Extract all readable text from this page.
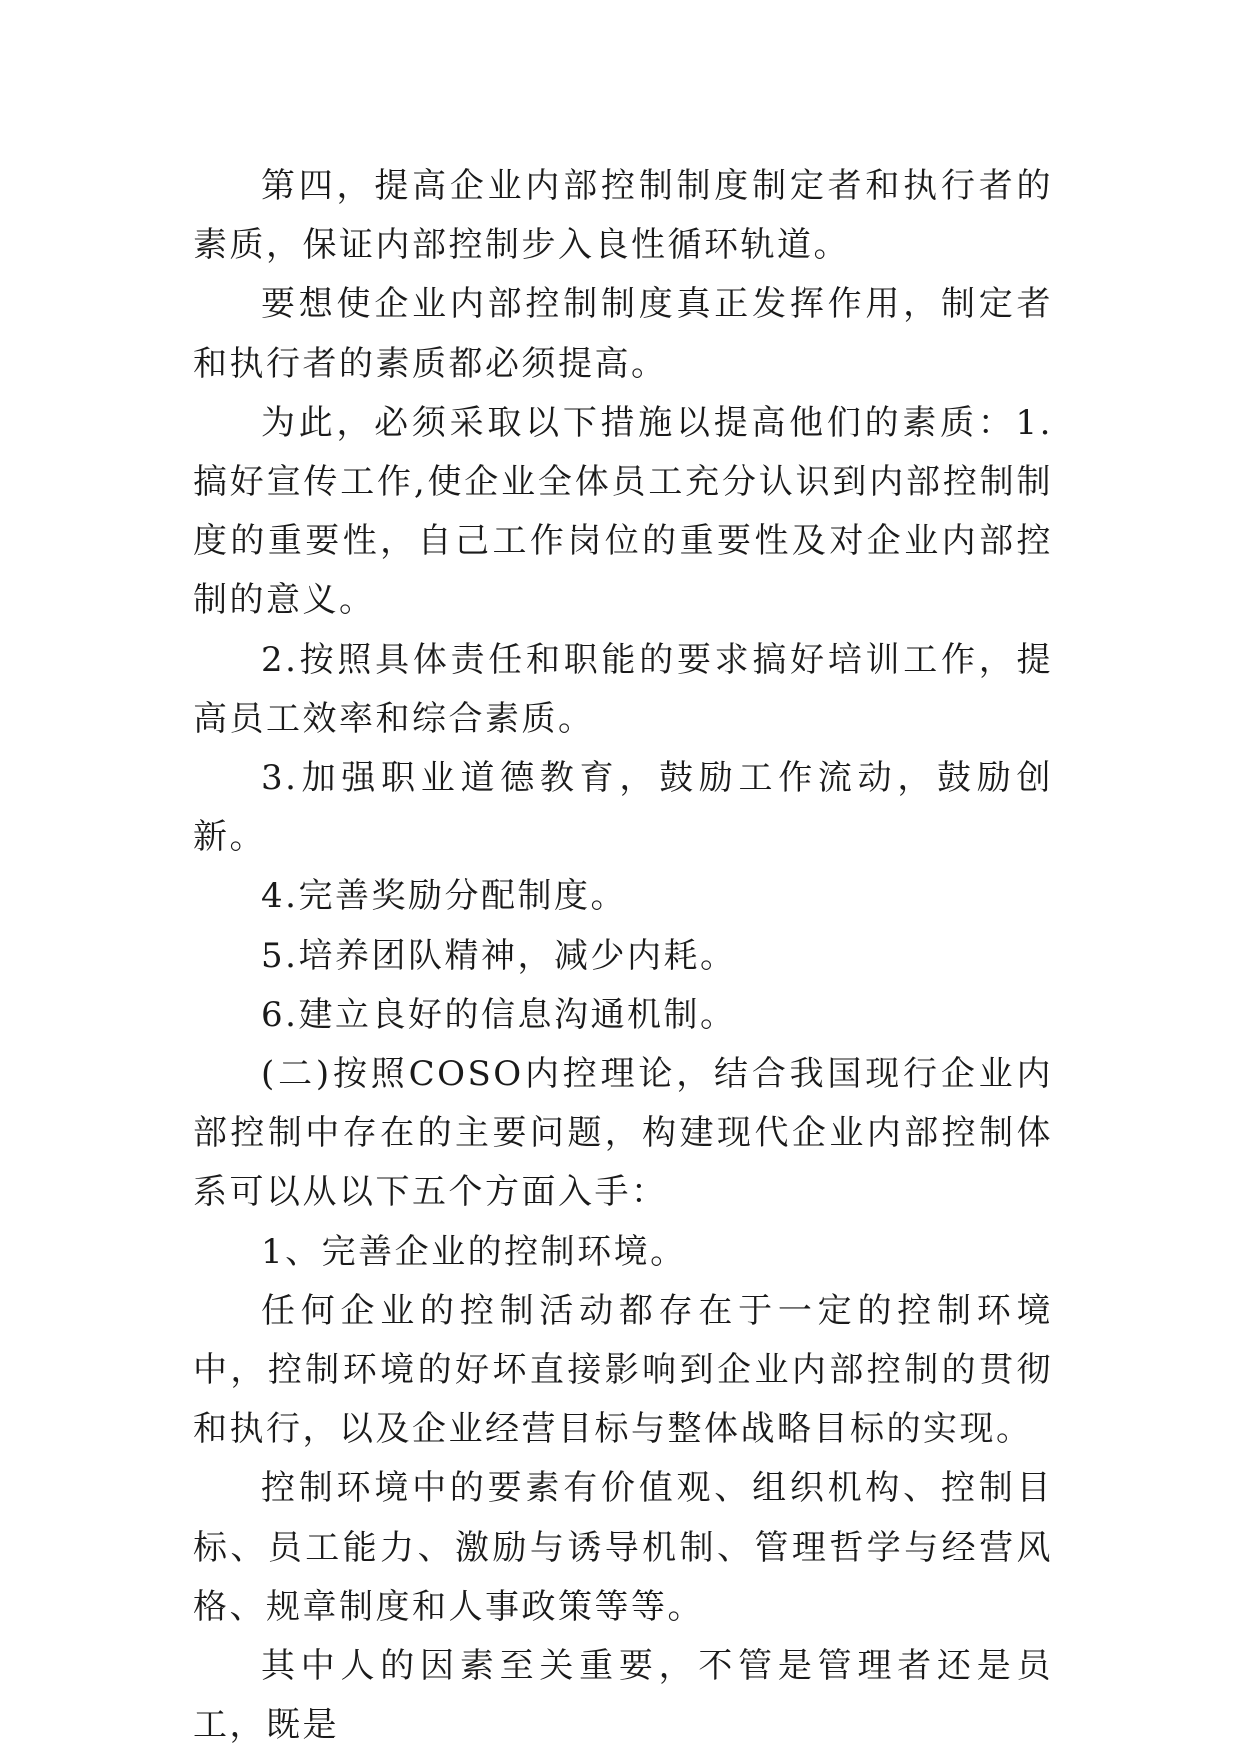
第四，提高企业内部控制制度制定者和执行者的素质，保证内部控制步入良性循环轨道。

要想使企业内部控制制度真正发挥作用，制定者和执行者的素质都必须提高。

为此，必须采取以下措施以提高他们的素质：1.搞好宣传工作,使企业全体员工充分认识到内部控制制度的重要性，自己工作岗位的重要性及对企业内部控制的意义。

2.按照具体责任和职能的要求搞好培训工作，提高员工效率和综合素质。

3.加强职业道德教育，鼓励工作流动，鼓励创新。

4.完善奖励分配制度。

5.培养团队精神，减少内耗。

6.建立良好的信息沟通机制。

(二)按照COSO内控理论，结合我国现行企业内部控制中存在的主要问题，构建现代企业内部控制体系可以从以下五个方面入手：

1、完善企业的控制环境。

任何企业的控制活动都存在于一定的控制环境中，控制环境的好坏直接影响到企业内部控制的贯彻和执行，以及企业经营目标与整体战略目标的实现。

控制环境中的要素有价值观、组织机构、控制目标、员工能力、激励与诱导机制、管理哲学与经营风格、规章制度和人事政策等等。

其中人的因素至关重要，不管是管理者还是员工，既是
